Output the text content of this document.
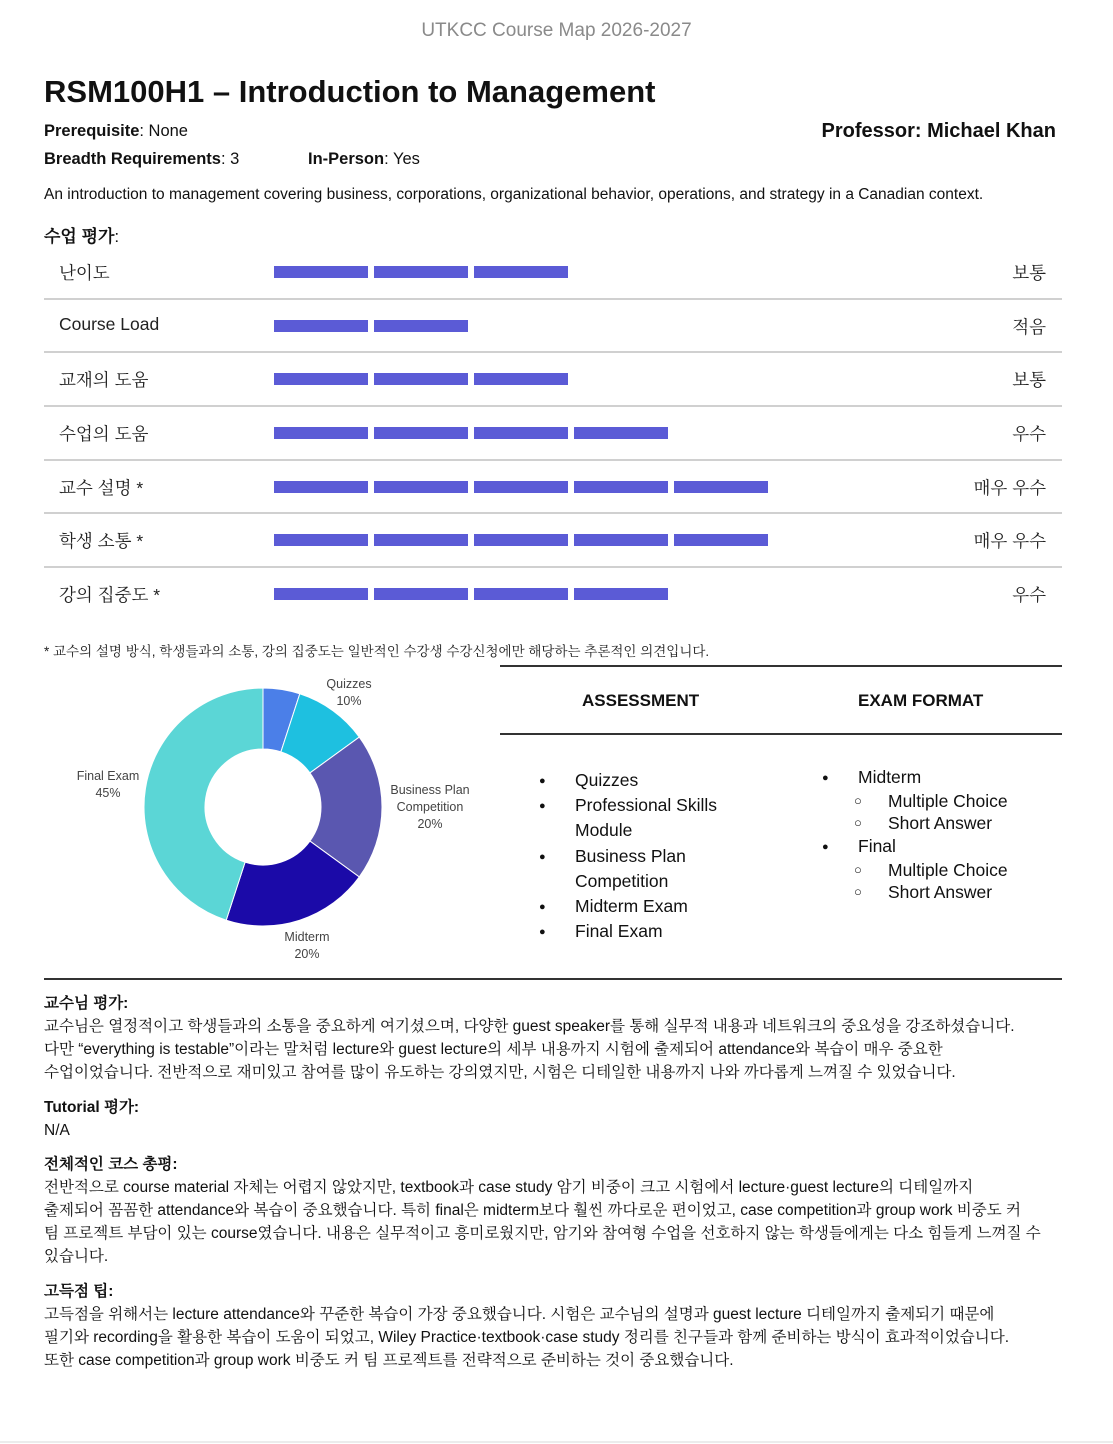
UTKCC Course Map 2026-2027
RSM100H1 – Introduction to Management
Prerequisite: None
Breadth Requirements: 3	In-Person: Yes
Professor: Michael Khan
An introduction to management covering business, corporations, organizational behavior, operations, and strategy in a Canadian context.
수업 평가:
난이도	보통
Course Load	적음
교재의 도움	보통
수업의 도움	우수
교수 설명 *	매우 우수
학생 소통 *	매우 우수
강의 집중도 *	우수
* 교수의 설명 방식, 학생들과의 소통, 강의 집중도는 일반적인 수강생 수강신청에만 해당하는 추론적인 의견입니다.
Quizzes
10%
Business Plan
Competition
20%
Midterm
20%
Final Exam
45%
ASSESSMENT	EXAM FORMAT
● Quizzes
● Professional Skills
Module
● Business Plan
Competition
● Midterm Exam
● Final Exam
● Midterm
○ Multiple Choice
○ Short Answer
● Final
○ Multiple Choice
○ Short Answer
교수님 평가:

교수님은 열정적이고 학생들과의 소통을 중요하게 여기셨으며, 다양한 guest speaker를 통해 실무적 내용과 네트워크의 중요성을 강조하셨습니다.

다만 “everything is testable”이라는 말처럼 lecture와 guest lecture의 세부 내용까지 시험에 출제되어 attendance와 복습이 매우 중요한

수업이었습니다. 전반적으로 재미있고 참여를 많이 유도하는 강의였지만, 시험은 디테일한 내용까지 나와 까다롭게 느껴질 수 있었습니다.

Tutorial 평가:

N/A

전체적인 코스 총평:

전반적으로 course material 자체는 어렵지 않았지만, textbook과 case study 암기 비중이 크고 시험에서 lecture·guest lecture의 디테일까지

출제되어 꼼꼼한 attendance와 복습이 중요했습니다. 특히 final은 midterm보다 훨씬 까다로운 편이었고, case competition과 group work 비중도 커

팀 프로젝트 부담이 있는 course였습니다. 내용은 실무적이고 흥미로웠지만, 암기와 참여형 수업을 선호하지 않는 학생들에게는 다소 힘들게 느껴질 수

있습니다.

고득점 팁:

고득점을 위해서는 lecture attendance와 꾸준한 복습이 가장 중요했습니다. 시험은 교수님의 설명과 guest lecture 디테일까지 출제되기 때문에

필기와 recording을 활용한 복습이 도움이 되었고, Wiley Practice·textbook·case study 정리를 친구들과 함께 준비하는 방식이 효과적이었습니다.

또한 case competition과 group work 비중도 커 팀 프로젝트를 전략적으로 준비하는 것이 중요했습니다.
